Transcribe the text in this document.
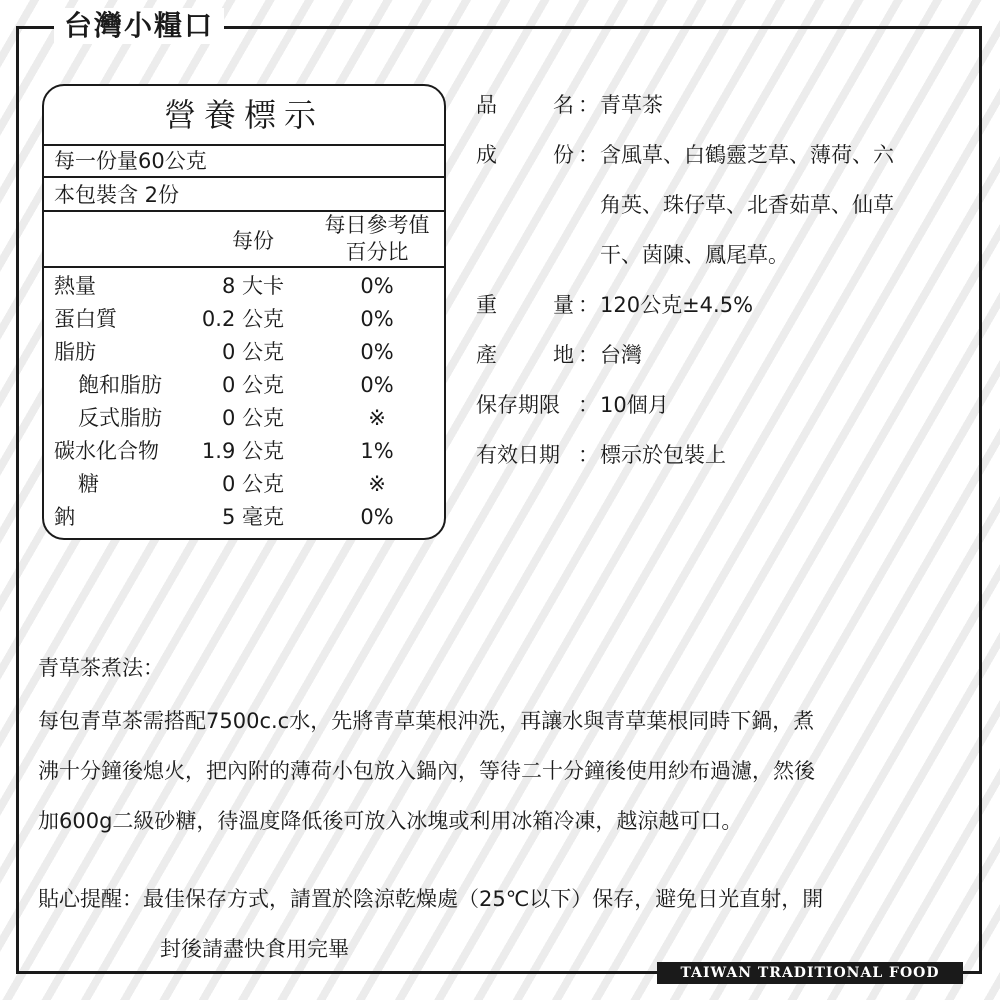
台灣小糧口
營養標示
每一份量60公克
本包裝含 2份
每份
每日參考值
百分比
熱量	8 大卡	0%
蛋白質	0.2 公克	0%
脂肪	0 公克	0%
飽和脂肪	0 公克	0%
反式脂肪	0 公克	※
碳水化合物 1.9 公克	1%
糖	0 公克	※
鈉	5 毫克	0%
品	名 ： 青草茶
成	份 ： 含風草、白鶴靈芝草、薄荷、六
角英、珠仔草、北香茹草、仙草
干、茵陳、鳳尾草。
重	量 ： 120公克±4.5%
產	地 ： 台灣
保存期限 ： 10個月
有效日期 ： 標示於包裝上
青草茶煮法：
每包青草茶需搭配7500c.c水，先將青草葉根沖洗，再讓水與青草葉根同時下鍋，煮
沸十分鐘後熄火，把內附的薄荷小包放入鍋內，等待二十分鐘後使用紗布過濾，然後
加600g二級砂糖，待溫度降低後可放入冰塊或利用冰箱冷凍，越涼越可口。
貼心提醒：最佳保存方式，請置於陰涼乾燥處（25℃以下）保存，避免日光直射，開
封後請盡快食用完畢
TAIWAN TRADITIONAL FOOD
